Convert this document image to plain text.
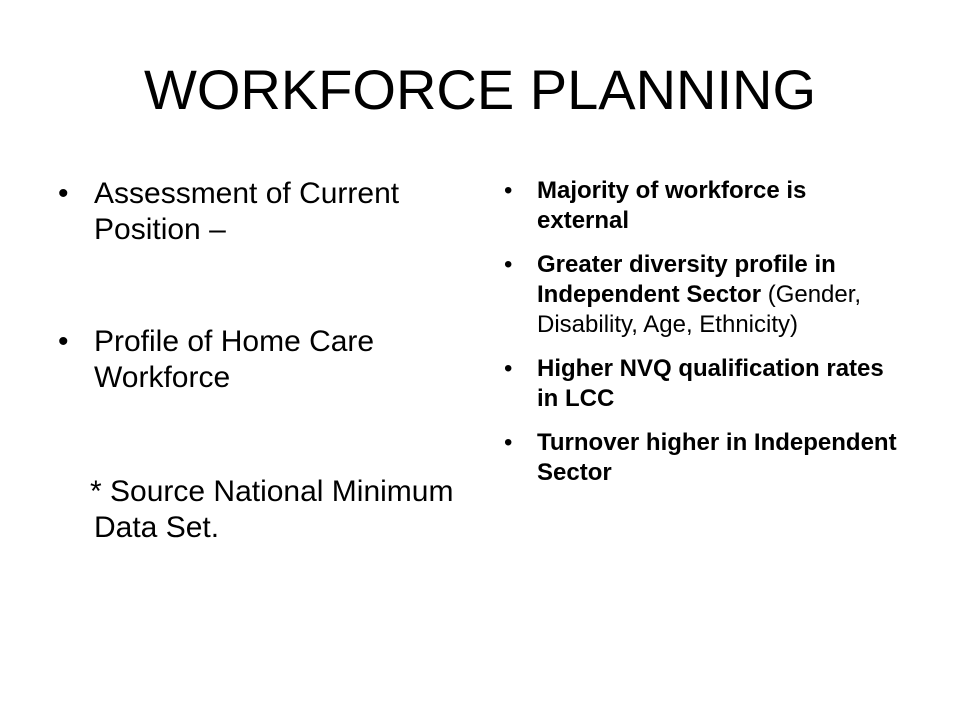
WORKFORCE PLANNING
• Assessment of Current Position –
• Profile of Home Care Workforce
* Source National Minimum Data Set.
• Majority of workforce is external
• Greater diversity profile in Independent Sector (Gender, Disability, Age, Ethnicity)
• Higher NVQ qualification rates in LCC
• Turnover higher in Independent Sector
